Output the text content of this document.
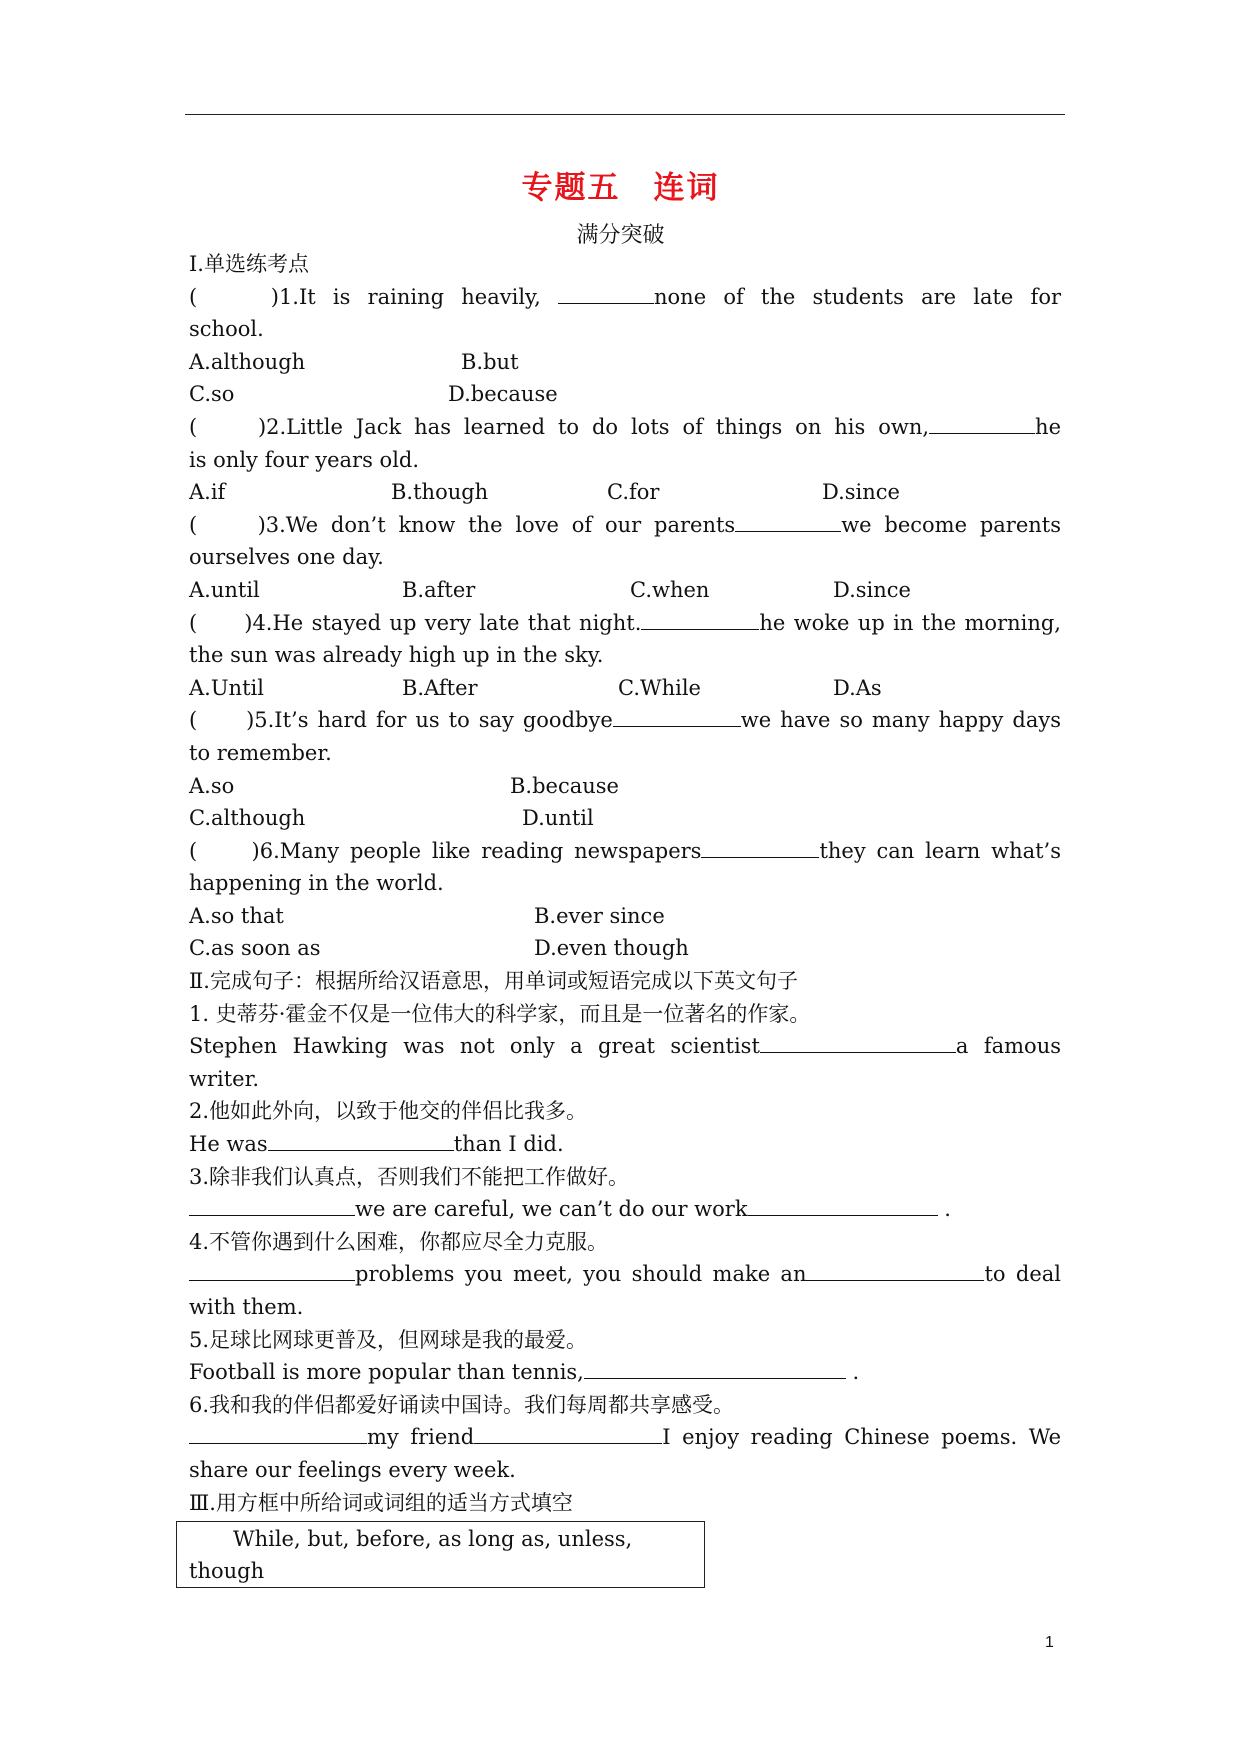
专题五　连词
满分突破
Ⅰ.单选练考点
(　　)1.It is raining heavily,	none of the students are late for
school.
A.although	B.but
C.so	D.because
(　　)2.Little Jack has learned to do lots of things on his own,	he
is only four years old.
A.if	B.though	C.for	D.since
(　　)3.We don’t know the love of our parents	we become parents
ourselves one day.
A.until	B.after	C.when	D.since
(　　)4.He stayed up very late that night.	he woke up in the morning,
the sun was already high up in the sky.
A.Until	B.After	C.While	D.As
(　　)5.It’s hard for us to say goodbye	we have so many happy days
to remember.
A.so	B.because
C.although	D.until
(　　)6.Many people like reading newspapers	they can learn what’s
happening in the world.
A.so that	B.ever since
C.as soon as	D.even though
Ⅱ.完成句子：根据所给汉语意思，用单词或短语完成以下英文句子
1. 史蒂芬·霍金不仅是一位伟大的科学家，而且是一位著名的作家。
Stephen Hawking was not only a great scientist	a famous
writer.
2.他如此外向，以致于他交的伴侣比我多。
He was	than I did.
3.除非我们认真点，否则我们不能把工作做好。
we are careful, we can’t do our work	.
4.不管你遇到什么困难，你都应尽全力克服。
problems you meet, you should make an	to deal
with them.
5.足球比网球更普及，但网球是我的最爱。
Football is more popular than tennis,	.
6.我和我的伴侣都爱好诵读中国诗。我们每周都共享感受。
my friend	I enjoy reading Chinese poems. We
share our feelings every week.
Ⅲ.用方框中所给词或词组的适当方式填空
While, but, before, as long as, unless,
though
1
